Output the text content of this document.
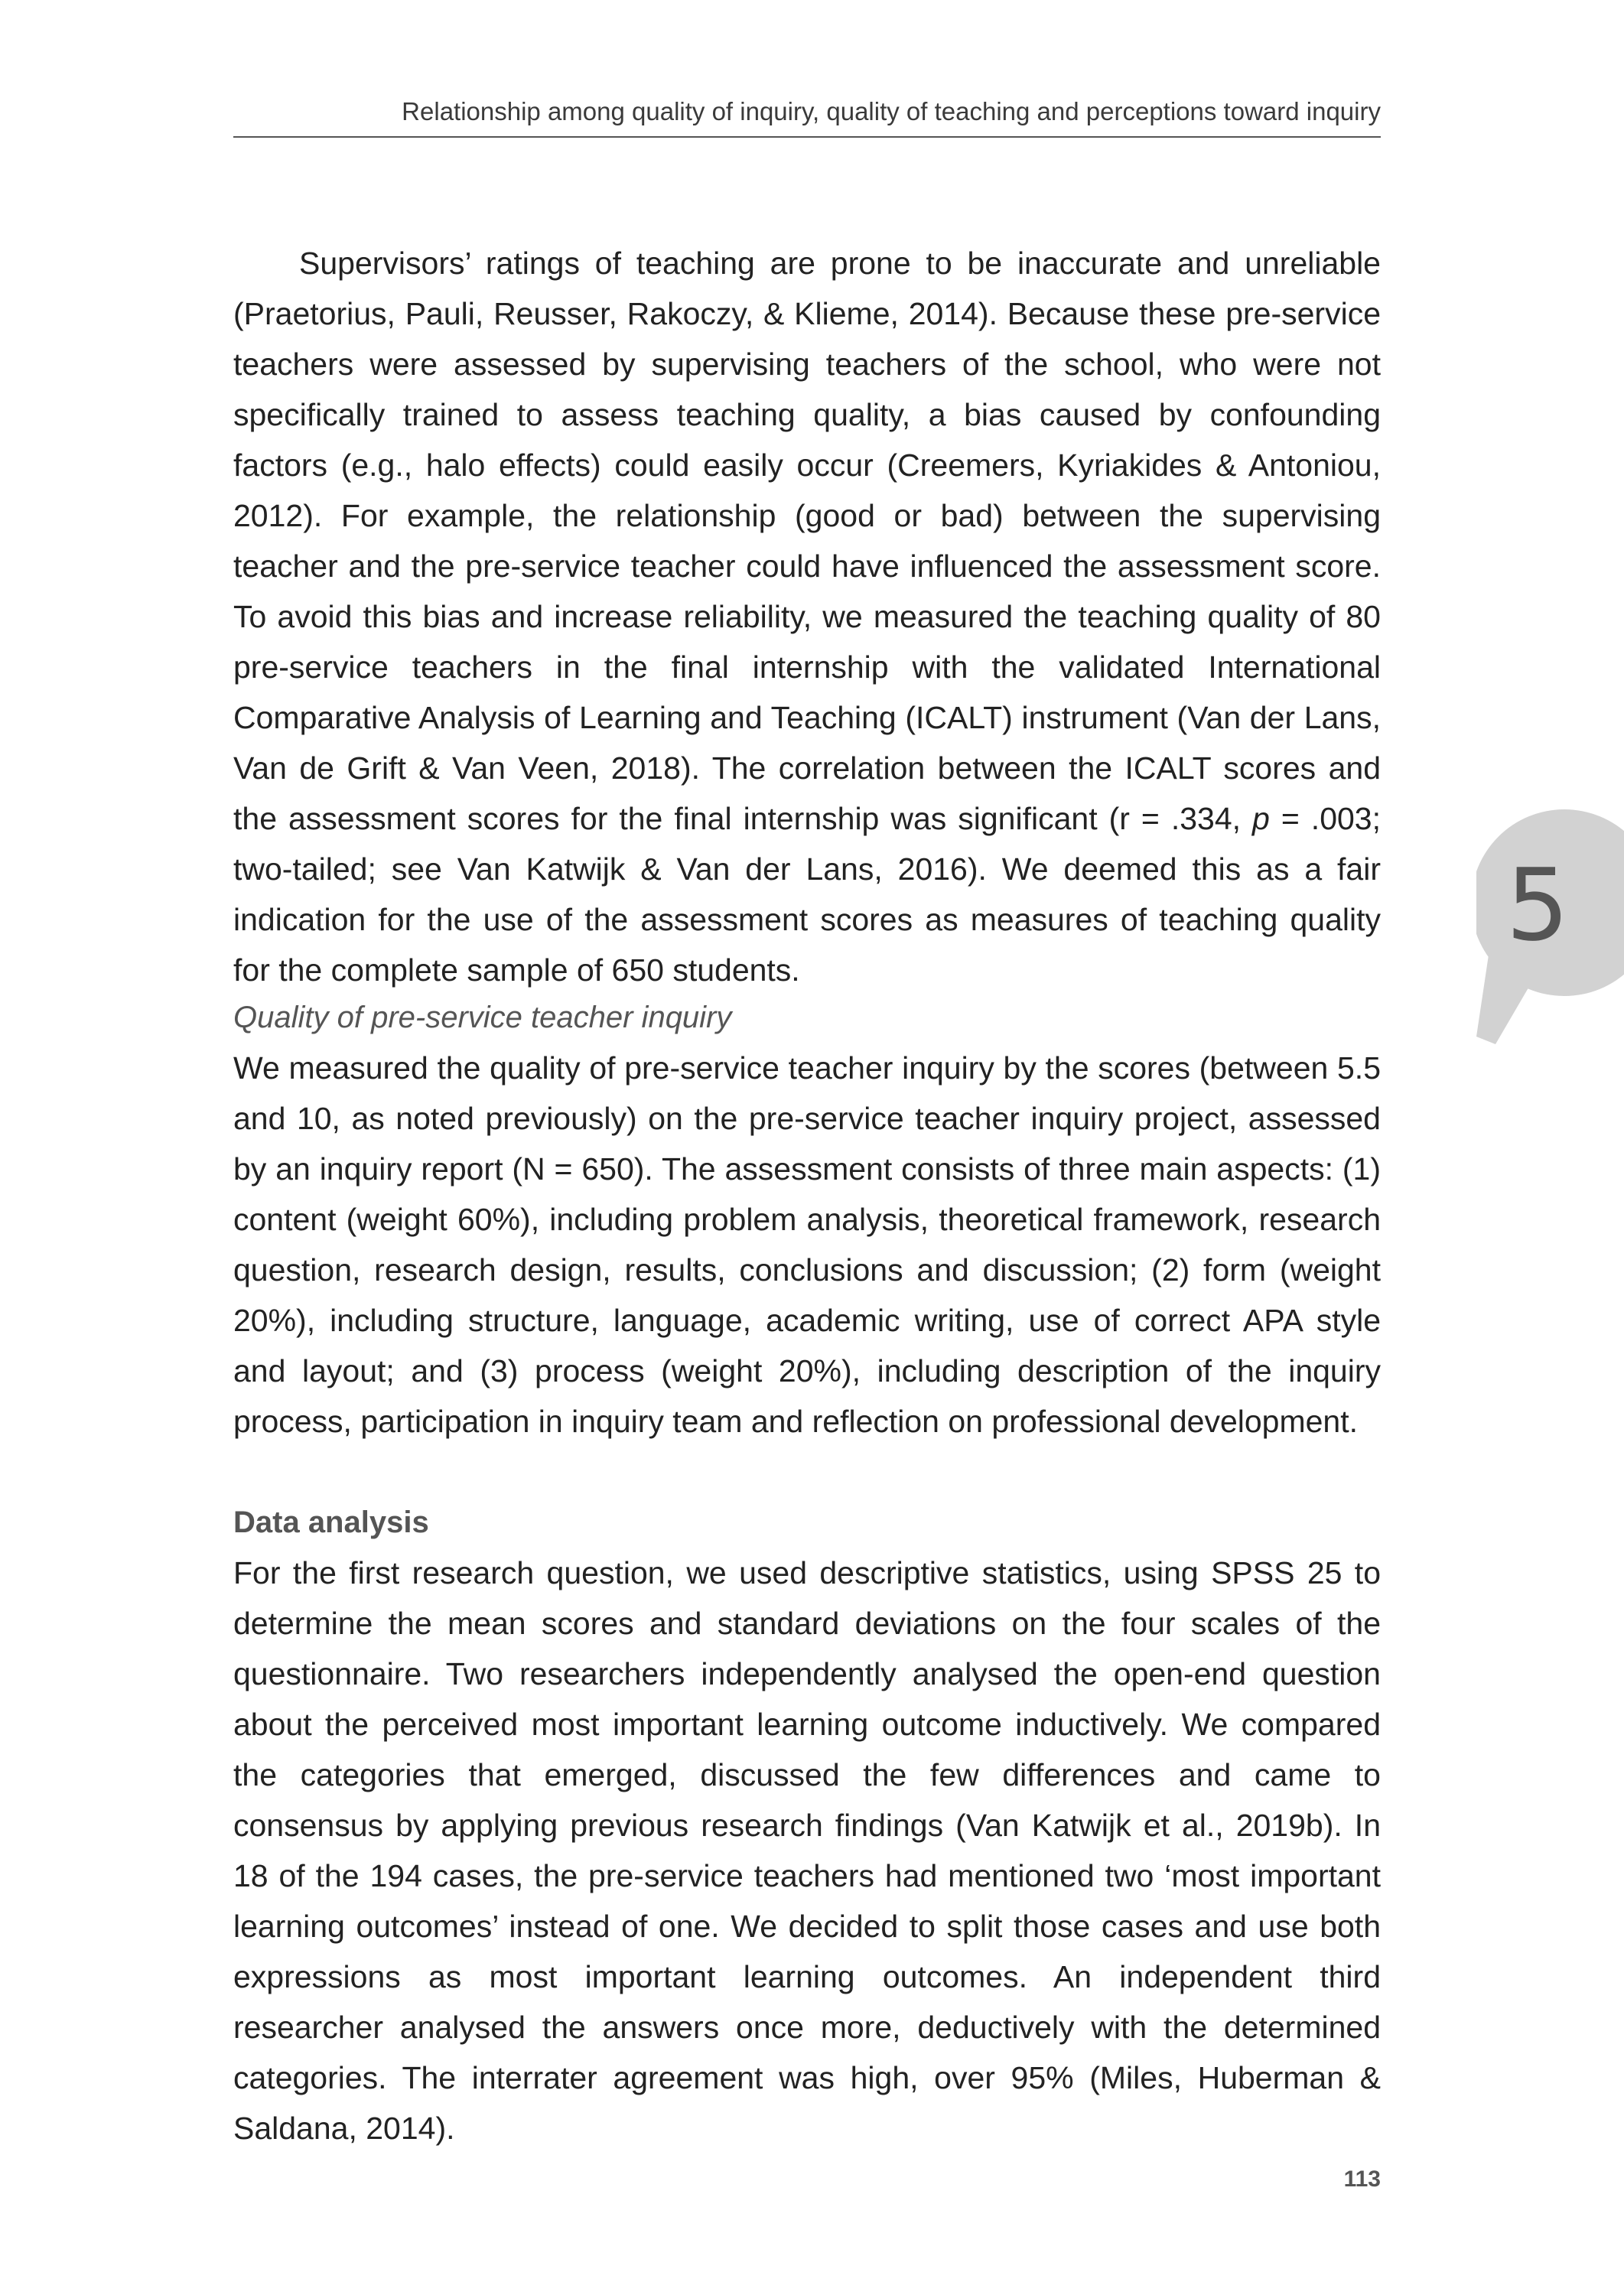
Relationship among quality of inquiry, quality of teaching and perceptions toward inquiry

Supervisors’ ratings of teaching are prone to be inaccurate and unreliable (Praetorius, Pauli, Reusser, Rakoczy, & Klieme, 2014). Because these pre-service teachers were assessed by supervising teachers of the school, who were not specifically trained to assess teaching quality, a bias caused by confounding factors (e.g., halo effects) could easily occur (Creemers, Kyriakides & Antoniou, 2012). For example, the relationship (good or bad) between the supervising teacher and the pre-service teacher could have influenced the assessment score. To avoid this bias and increase reliability, we measured the teaching quality of 80 pre-service teachers in the final internship with the validated International Comparative Analysis of Learning and Teaching (ICALT) instrument (Van der Lans, Van de Grift & Van Veen, 2018). The correlation between the ICALT scores and the assessment scores for the final internship was significant (r = .334, p = .003; two-tailed; see Van Katwijk & Van der Lans, 2016). We deemed this as a fair indication for the use of the assessment scores as measures of teaching quality for the complete sample of 650 students.

Quality of pre-service teacher inquiry

We measured the quality of pre-service teacher inquiry by the scores (between 5.5 and 10, as noted previously) on the pre-service teacher inquiry project, assessed by an inquiry report (N = 650). The assessment consists of three main aspects: (1) content (weight 60%), including problem analysis, theoretical framework, research question, research design, results, conclusions and discussion; (2) form (weight 20%), including structure, language, academic writing, use of correct APA style and layout; and (3) process (weight 20%), including description of the inquiry process, participation in inquiry team and reflection on professional development.

Data analysis

For the first research question, we used descriptive statistics, using SPSS 25 to determine the mean scores and standard deviations on the four scales of the questionnaire. Two researchers independently analysed the open-end question about the perceived most important learning outcome inductively. We compared the categories that emerged, discussed the few differences and came to consensus by applying previous research findings (Van Katwijk et al., 2019b). In 18 of the 194 cases, the pre-service teachers had mentioned two ‘most important learning outcomes’ instead of one. We decided to split those cases and use both expressions as most important learning outcomes. An independent third researcher analysed the answers once more, deductively with the determined categories. The interrater agreement was high, over 95% (Miles, Huberman & Saldana, 2014).

5
113
